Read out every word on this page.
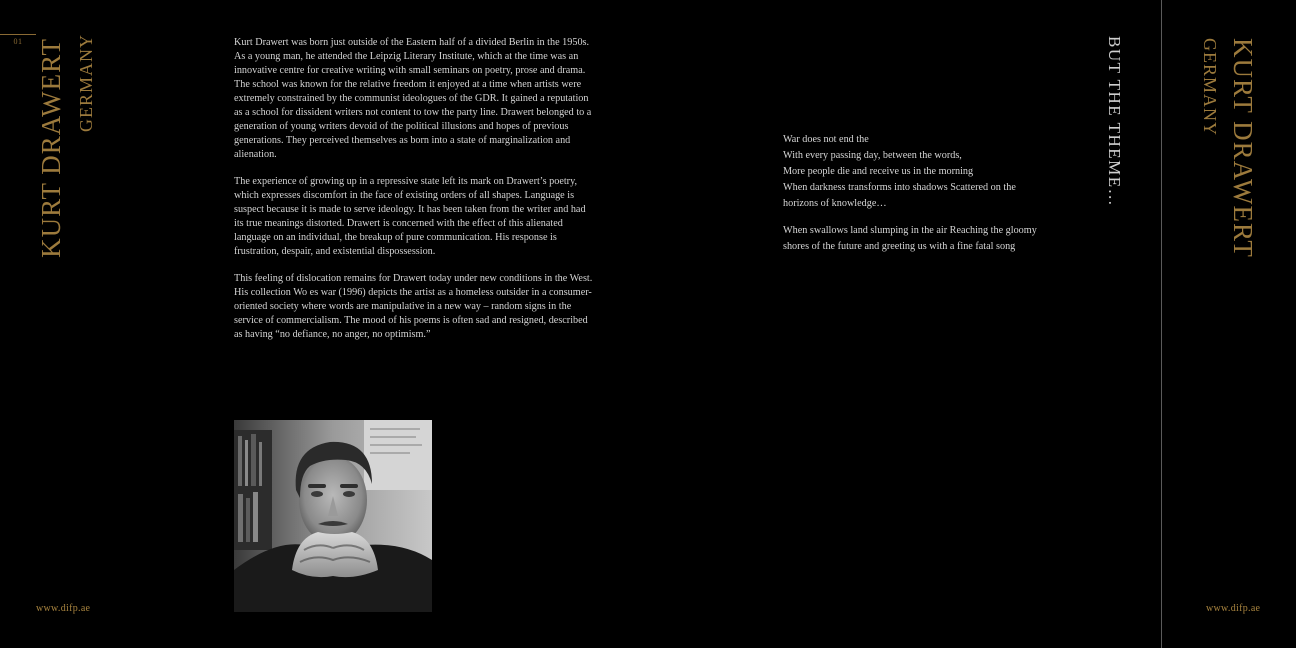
01 KURT DRAWERT GERMANY	Kurt Drawert was born just outside of the Eastern half of a divided Berlin in the 1950s. As a young man, he attended the Leipzig Literary Institute, which at the time was an innovative centre for creative writing with small seminars on poetry, prose and drama. The school was known for the relative freedom it enjoyed at a time when artists were extremely constrained by the communist ideologues of the GDR. It gained a reputation as a school for dissident writers not content to tow the party line. Drawert belonged to a generation of young writers devoid of the political illusions and hopes of previous generations. They perceived themselves as born into a state of marginalization and alienation.

The experience of growing up in a repressive state left its mark on Drawert’s poetry, which expresses discomfort in the face of existing orders of all shapes. Language is suspect because it is made to serve ideology. It has been taken from the writer and had its true meanings distorted. Drawert is concerned with the effect of this alienated language on an individual, the breakup of pure communication. His response is frustration, despair, and existential dispossession.

This feeling of dislocation remains for Drawert today under new conditions in the West. His collection Wo es war (1996) depicts the artist as a homeless outsider in a consumer-oriented society where words are manipulative in a new way – random signs in the service of commercialism. The mood of his poems is often sad and resigned, described as having “no defiance, no anger, no optimism.”

www.difp.ae
War does not end the
With every passing day, between the words,
More people die and receive us in the morning
When darkness transforms into shadows Scattered on the
horizons of knowledge…
When swallows land slumping in the air Reaching the gloomy
shores of the future and greeting us with a fine fatal song
BUT THE THEME…	GERMANY KURT DRAWERT
www.difp.ae
